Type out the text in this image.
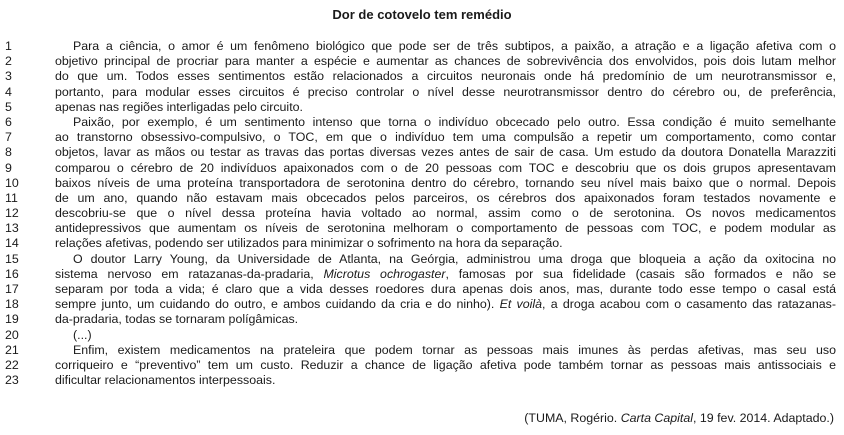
Dor de cotovelo tem remédio
1	Para a ciência, o amor é um fenômeno biológico que pode ser de três subtipos, a paixão, a atração e a ligação afetiva com o
2	objetivo principal de procriar para manter a espécie e aumentar as chances de sobrevivência dos envolvidos, pois dois lutam melhor
3	do que um. Todos esses sentimentos estão relacionados a circuitos neuronais onde há predomínio de um neurotransmissor e,
4	portanto, para modular esses circuitos é preciso controlar o nível desse neurotransmissor dentro do cérebro ou, de preferência,
5	apenas nas regiões interligadas pelo circuito.
6	Paixão, por exemplo, é um sentimento intenso que torna o indivíduo obcecado pelo outro. Essa condição é muito semelhante
7	ao transtorno obsessivo-compulsivo, o TOC, em que o indivíduo tem uma compulsão a repetir um comportamento, como contar
8	objetos, lavar as mãos ou testar as travas das portas diversas vezes antes de sair de casa. Um estudo da doutora Donatella Marazziti
9	comparou o cérebro de 20 indivíduos apaixonados com o de 20 pessoas com TOC e descobriu que os dois grupos apresentavam
10	baixos níveis de uma proteína transportadora de serotonina dentro do cérebro, tornando seu nível mais baixo que o normal. Depois
11	de um ano, quando não estavam mais obcecados pelos parceiros, os cérebros dos apaixonados foram testados novamente e
12	descobriu-se que o nível dessa proteína havia voltado ao normal, assim como o de serotonina. Os novos medicamentos
13	antidepressivos que aumentam os níveis de serotonina melhoram o comportamento de pessoas com TOC, e podem modular as
14	relações afetivas, podendo ser utilizados para minimizar o sofrimento na hora da separação.
15	O doutor Larry Young, da Universidade de Atlanta, na Geórgia, administrou uma droga que bloqueia a ação da oxitocina no
16	sistema nervoso em ratazanas-da-pradaria, Microtus ochrogaster, famosas por sua fidelidade (casais são formados e não se
17	separam por toda a vida; é claro que a vida desses roedores dura apenas dois anos, mas, durante todo esse tempo o casal está
18	sempre junto, um cuidando do outro, e ambos cuidando da cria e do ninho). Et voilà, a droga acabou com o casamento das ratazanas-
19	da-pradaria, todas se tornaram polígâmicas.
20	(...)
21	Enfim, existem medicamentos na prateleira que podem tornar as pessoas mais imunes às perdas afetivas, mas seu uso
22	corriqueiro e “preventivo” tem um custo. Reduzir a chance de ligação afetiva pode também tornar as pessoas mais antissociais e
23	dificultar relacionamentos interpessoais.
(TUMA, Rogério. Carta Capital, 19 fev. 2014. Adaptado.)
